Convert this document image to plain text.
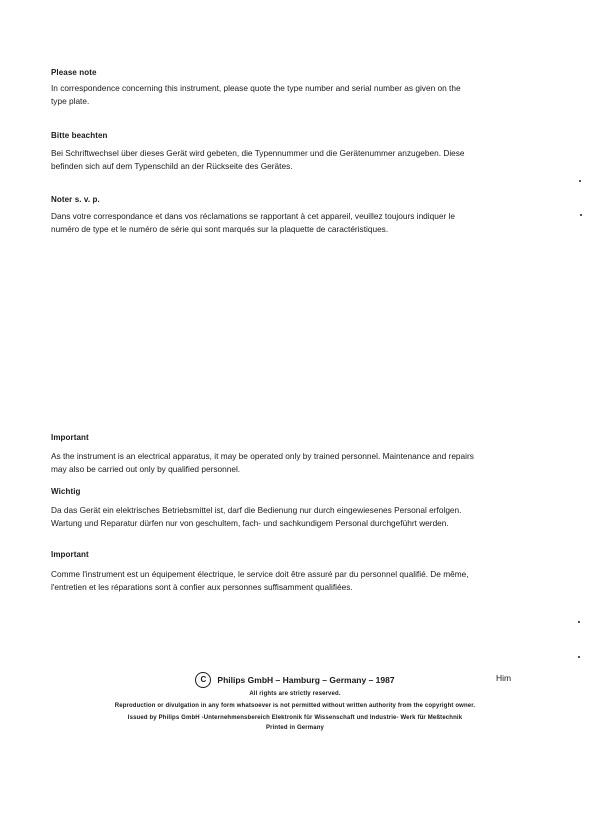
Please note

In correspondence concerning this instrument, please quote the type number and serial number as given on the

type plate.

Bitte beachten

Bei Schriftwechsel über dieses Gerät wird gebeten, die Typennummer und die Gerätenummer anzugeben. Diese

befinden sich auf dem Typenschild an der Rückseite des Gerätes.

Noter s. v. p.

Dans votre correspondance et dans vos réclamations se rapportant à cet appareil, veuillez toujours indiquer le

numéro de type et le numéro de série qui sont marqués sur la plaquette de caractéristiques.

Important

As the instrument is an electrical apparatus, it may be operated only by trained personnel. Maintenance and repairs

may also be carried out only by qualified personnel.

Wichtig

Da das Gerät ein elektrisches Betriebsmittel ist, darf die Bedienung nur durch eingewiesenes Personal erfolgen.

Wartung und Reparatur dürfen nur von geschultem, fach- und sachkundigem Personal durchgeführt werden.

Important

Comme l'instrument est un équipement électrique, le service doit être assuré par du personnel qualifié. De même,

l'entretien et les réparations sont à confier aux personnes suffisamment qualifiées.

C Philips GmbH – Hamburg – Germany – 1987	Him
All rights are strictly reserved.
Reproduction or divulgation in any form whatsoever is not permitted without written authority from the copyright owner.
Issued by Philips GmbH -Unternehmensbereich Elektronik für Wissenschaft und Industrie- Werk für Meßtechnik
Printed in Germany
